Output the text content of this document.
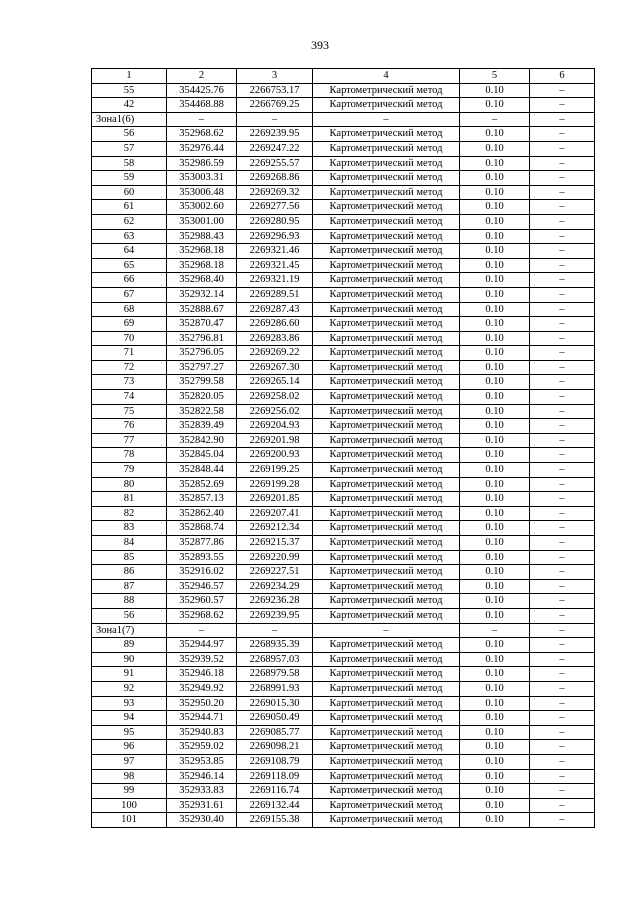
393
1	2	3	4	5	6
55	354425.76	2266753.17	Картометрический метод	0.10	–
42	354468.88	2266769.25	Картометрический метод	0.10	–
Зона1(6)	–	–	–	–	–
56	352968.62	2269239.95	Картометрический метод	0.10	–
57	352976.44	2269247.22	Картометрический метод	0.10	–
58	352986.59	2269255.57	Картометрический метод	0.10	–
59	353003.31	2269268.86	Картометрический метод	0.10	–
60	353006.48	2269269.32	Картометрический метод	0.10	–
61	353002.60	2269277.56	Картометрический метод	0.10	–
62	353001.00	2269280.95	Картометрический метод	0.10	–
63	352988.43	2269296.93	Картометрический метод	0.10	–
64	352968.18	2269321.46	Картометрический метод	0.10	–
65	352968.18	2269321.45	Картометрический метод	0.10	–
66	352968.40	2269321.19	Картометрический метод	0.10	–
67	352932.14	2269289.51	Картометрический метод	0.10	–
68	352888.67	2269287.43	Картометрический метод	0.10	–
69	352870.47	2269286.60	Картометрический метод	0.10	–
70	352796.81	2269283.86	Картометрический метод	0.10	–
71	352796.05	2269269.22	Картометрический метод	0.10	–
72	352797.27	2269267.30	Картометрический метод	0.10	–
73	352799.58	2269265.14	Картометрический метод	0.10	–
74	352820.05	2269258.02	Картометрический метод	0.10	–
75	352822.58	2269256.02	Картометрический метод	0.10	–
76	352839.49	2269204.93	Картометрический метод	0.10	–
77	352842.90	2269201.98	Картометрический метод	0.10	–
78	352845.04	2269200.93	Картометрический метод	0.10	–
79	352848.44	2269199.25	Картометрический метод	0.10	–
80	352852.69	2269199.28	Картометрический метод	0.10	–
81	352857.13	2269201.85	Картометрический метод	0.10	–
82	352862.40	2269207.41	Картометрический метод	0.10	–
83	352868.74	2269212.34	Картометрический метод	0.10	–
84	352877.86	2269215.37	Картометрический метод	0.10	–
85	352893.55	2269220.99	Картометрический метод	0.10	–
86	352916.02	2269227.51	Картометрический метод	0.10	–
87	352946.57	2269234.29	Картометрический метод	0.10	–
88	352960.57	2269236.28	Картометрический метод	0.10	–
56	352968.62	2269239.95	Картометрический метод	0.10	–
Зона1(7)	–	–	–	–	–
89	352944.97	2268935.39	Картометрический метод	0.10	–
90	352939.52	2268957.03	Картометрический метод	0.10	–
91	352946.18	2268979.58	Картометрический метод	0.10	–
92	352949.92	2268991.93	Картометрический метод	0.10	–
93	352950.20	2269015.30	Картометрический метод	0.10	–
94	352944.71	2269050.49	Картометрический метод	0.10	–
95	352940.83	2269085.77	Картометрический метод	0.10	–
96	352959.02	2269098.21	Картометрический метод	0.10	–
97	352953.85	2269108.79	Картометрический метод	0.10	–
98	352946.14	2269118.09	Картометрический метод	0.10	–
99	352933.83	2269116.74	Картометрический метод	0.10	–
100	352931.61	2269132.44	Картометрический метод	0.10	–
101	352930.40	2269155.38	Картометрический метод	0.10	–
